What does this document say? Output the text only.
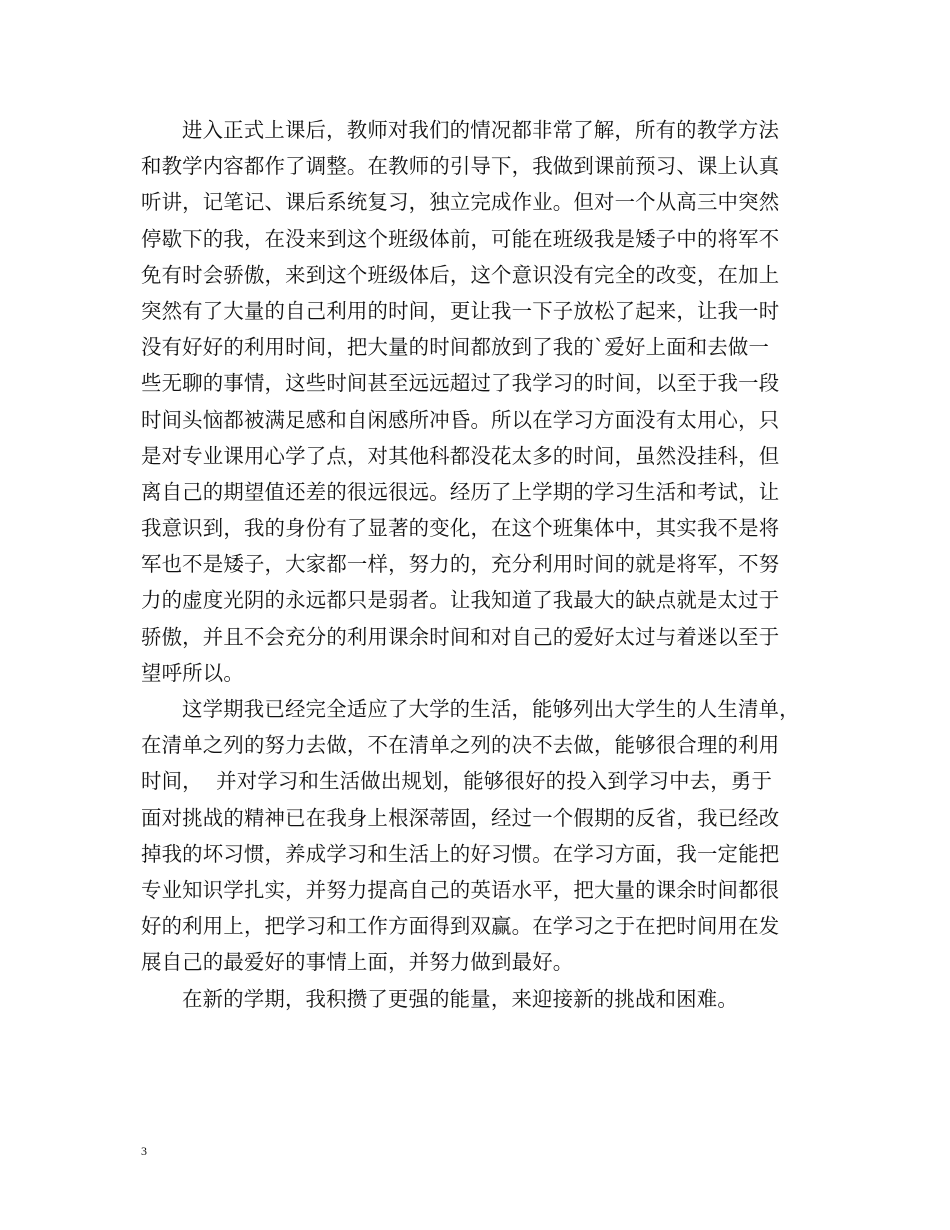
进入正式上课后，教师对我们的情况都非常了解，所有的教学方法
和教学内容都作了调整。在教师的引导下，我做到课前预习、课上认真
听讲，记笔记、课后系统复习，独立完成作业。但对一个从高三中突然
停歇下的我，在没来到这个班级体前，可能在班级我是矮子中的将军不
免有时会骄傲，来到这个班级体后，这个意识没有完全的改变，在加上
突然有了大量的自己利用的时间，更让我一下子放松了起来，让我一时
没有好好的利用时间，把大量的时间都放到了我的`爱好上面和去做一
些无聊的事情，这些时间甚至远远超过了我学习的时间，以至于我一段
时间头恼都被满足感和自闲感所冲昏。所以在学习方面没有太用心，只
是对专业课用心学了点，对其他科都没花太多的时间，虽然没挂科，但
离自己的期望值还差的很远很远。经历了上学期的学习生活和考试，让
我意识到，我的身份有了显著的变化，在这个班集体中，其实我不是将
军也不是矮子，大家都一样，努力的，充分利用时间的就是将军，不努
力的虚度光阴的永远都只是弱者。让我知道了我最大的缺点就是太过于
骄傲，并且不会充分的利用课余时间和对自己的爱好太过与着迷以至于
望呼所以。
这学期我已经完全适应了大学的生活，能够列出大学生的人生清单，
在清单之列的努力去做，不在清单之列的决不去做，能够很合理的利用
时间，  并对学习和生活做出规划，能够很好的投入到学习中去，勇于
面对挑战的精神已在我身上根深蒂固，经过一个假期的反省，我已经改
掉我的坏习惯，养成学习和生活上的好习惯。在学习方面，我一定能把
专业知识学扎实，并努力提高自己的英语水平，把大量的课余时间都很
好的利用上，把学习和工作方面得到双赢。在学习之于在把时间用在发
展自己的最爱好的事情上面，并努力做到最好。
在新的学期，我积攒了更强的能量，来迎接新的挑战和困难。
3
